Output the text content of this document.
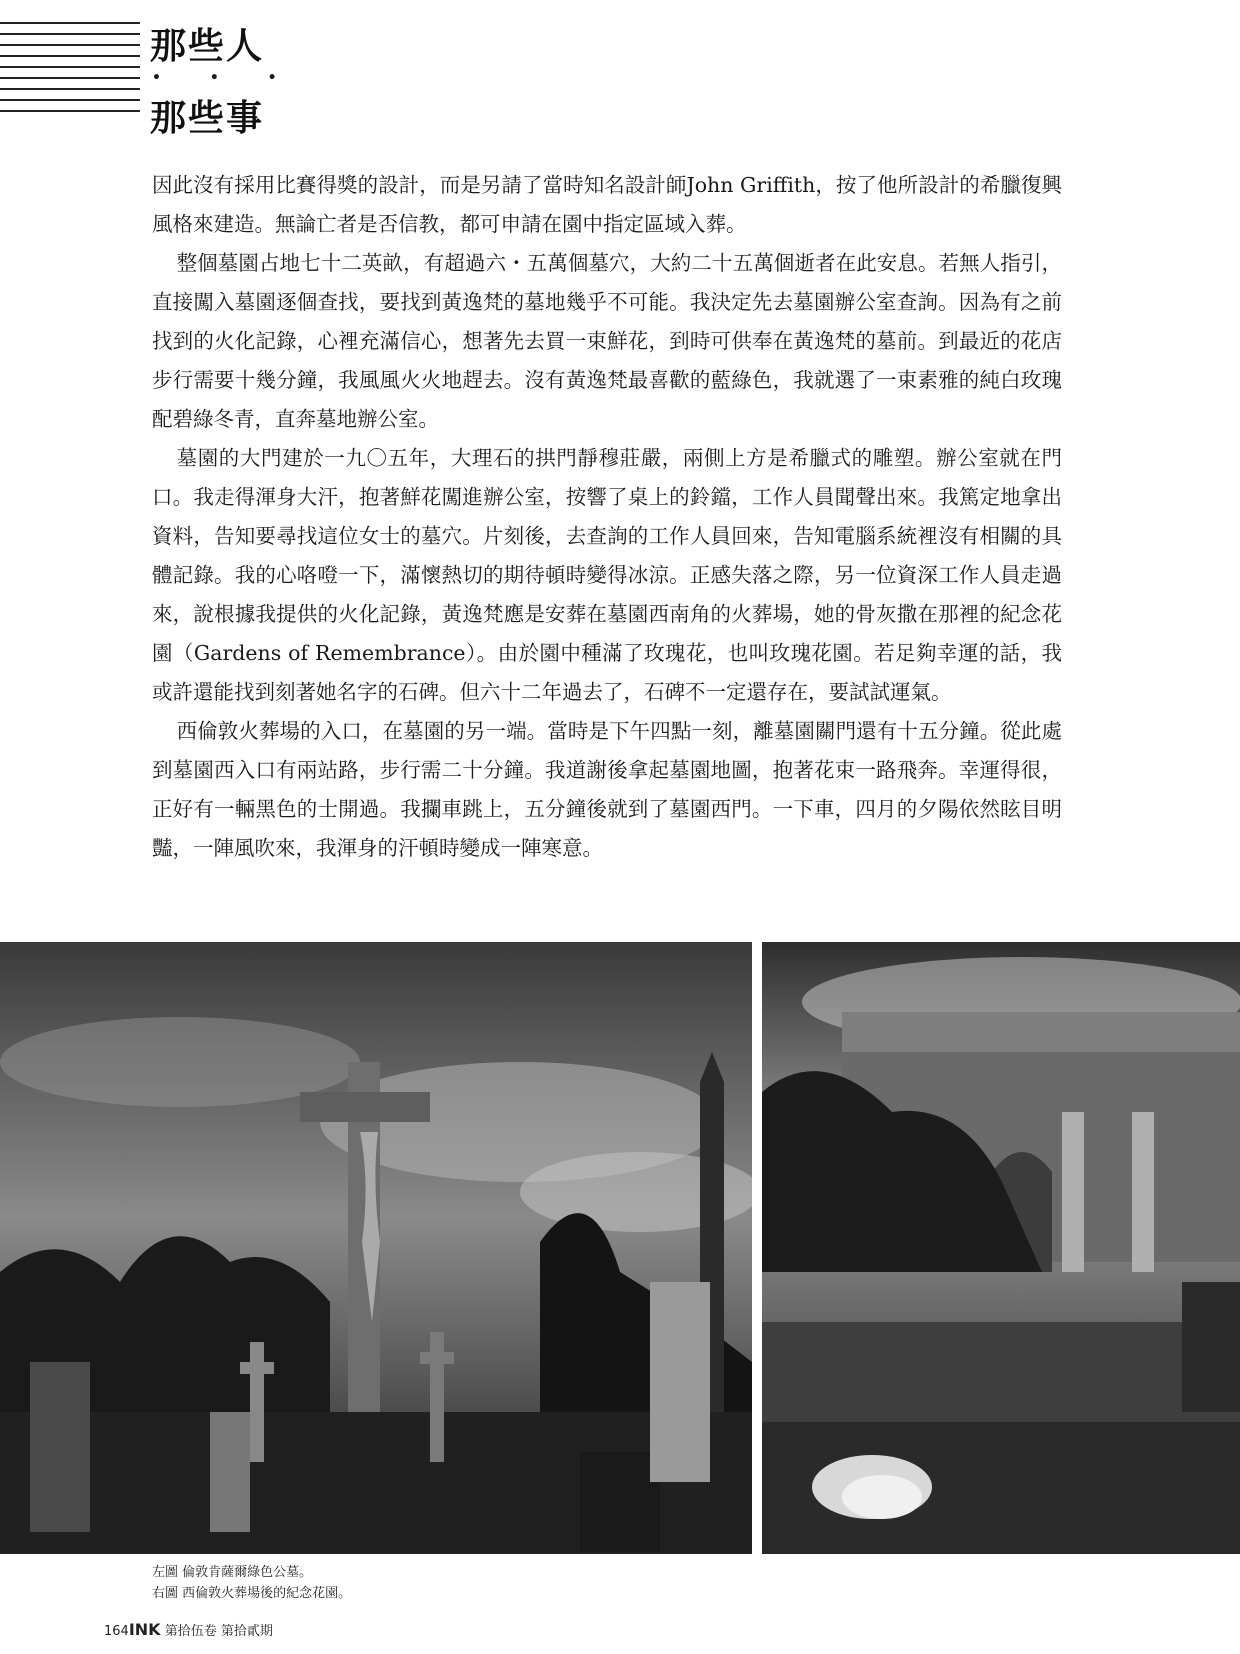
那些人
• • •
那些事

因此沒有採用比賽得獎的設計，而是另請了當時知名設計師John Griffith，按了他所設計的希臘復興風格來建造。無論亡者是否信教，都可申請在園中指定區域入葬。

整個墓園占地七十二英畝，有超過六・五萬個墓穴，大約二十五萬個逝者在此安息。若無人指引，直接闖入墓園逐個查找，要找到黃逸梵的墓地幾乎不可能。我決定先去墓園辦公室查詢。因為有之前找到的火化記錄，心裡充滿信心，想著先去買一束鮮花，到時可供奉在黃逸梵的墓前。到最近的花店步行需要十幾分鐘，我風風火火地趕去。沒有黃逸梵最喜歡的藍綠色，我就選了一束素雅的純白玫瑰配碧綠冬青，直奔墓地辦公室。

墓園的大門建於一九〇五年，大理石的拱門靜穆莊嚴，兩側上方是希臘式的雕塑。辦公室就在門口。我走得渾身大汗，抱著鮮花闖進辦公室，按響了桌上的鈴鐺，工作人員聞聲出來。我篤定地拿出資料，告知要尋找這位女士的墓穴。片刻後，去查詢的工作人員回來，告知電腦系統裡沒有相關的具體記錄。我的心咯噔一下，滿懷熱切的期待頓時變得冰涼。正感失落之際，另一位資深工作人員走過來，說根據我提供的火化記錄，黃逸梵應是安葬在墓園西南角的火葬場，她的骨灰撒在那裡的紀念花園（Gardens of Remembrance）。由於園中種滿了玫瑰花，也叫玫瑰花園。若足夠幸運的話，我或許還能找到刻著她名字的石碑。但六十二年過去了，石碑不一定還存在，要試試運氣。

西倫敦火葬場的入口，在墓園的另一端。當時是下午四點一刻，離墓園關門還有十五分鐘。從此處到墓園西入口有兩站路，步行需二十分鐘。我道謝後拿起墓園地圖，抱著花束一路飛奔。幸運得很，正好有一輛黑色的士開過。我攔車跳上，五分鐘後就到了墓園西門。一下車，四月的夕陽依然眩目明豔，一陣風吹來，我渾身的汗頓時變成一陣寒意。

左圖 倫敦肯薩爾綠色公墓。
右圖 西倫敦火葬場後的紀念花園。
164INK 第拾伍卷 第拾貳期
